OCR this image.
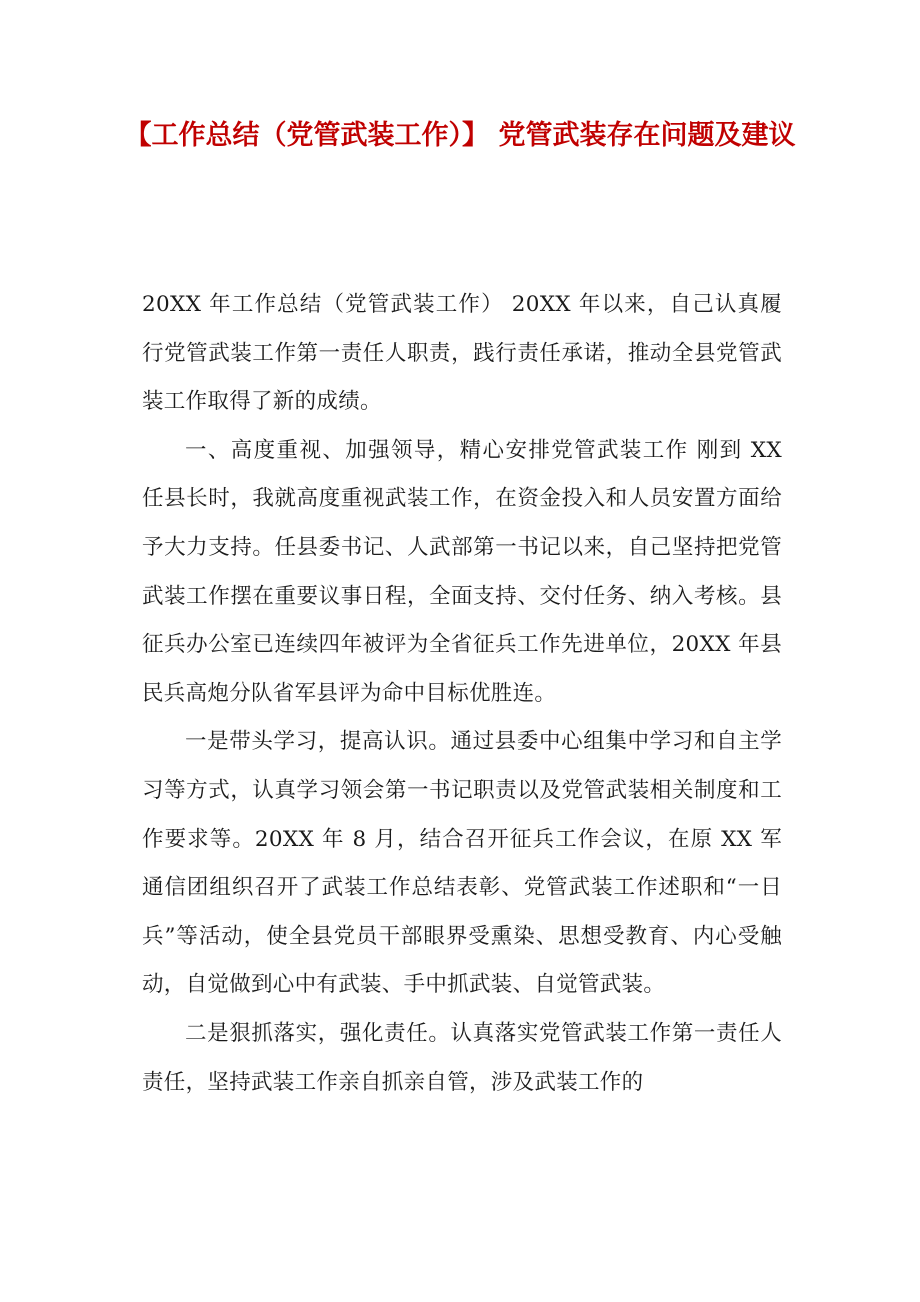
【工作总结（党管武装工作）】 党管武装存在问题及建议

20XX 年工作总结（党管武装工作） 20XX 年以来，自己认真履行党管武装工作第一责任人职责，践行责任承诺，推动全县党管武装工作取得了新的成绩。

一、高度重视、加强领导，精心安排党管武装工作 刚到 XX 任县长时，我就高度重视武装工作，在资金投入和人员安置方面给予大力支持。任县委书记、人武部第一书记以来，自己坚持把党管武装工作摆在重要议事日程，全面支持、交付任务、纳入考核。县征兵办公室已连续四年被评为全省征兵工作先进单位，20XX 年县民兵高炮分队省军县评为命中目标优胜连。

一是带头学习，提高认识。通过县委中心组集中学习和自主学习等方式，认真学习领会第一书记职责以及党管武装相关制度和工作要求等。20XX 年 8 月，结合召开征兵工作会议，在原 XX 军通信团组织召开了武装工作总结表彰、党管武装工作述职和“一日兵”等活动，使全县党员干部眼界受熏染、思想受教育、内心受触动，自觉做到心中有武装、手中抓武装、自觉管武装。

二是狠抓落实，强化责任。认真落实党管武装工作第一责任人责任，坚持武装工作亲自抓亲自管，涉及武装工作的
